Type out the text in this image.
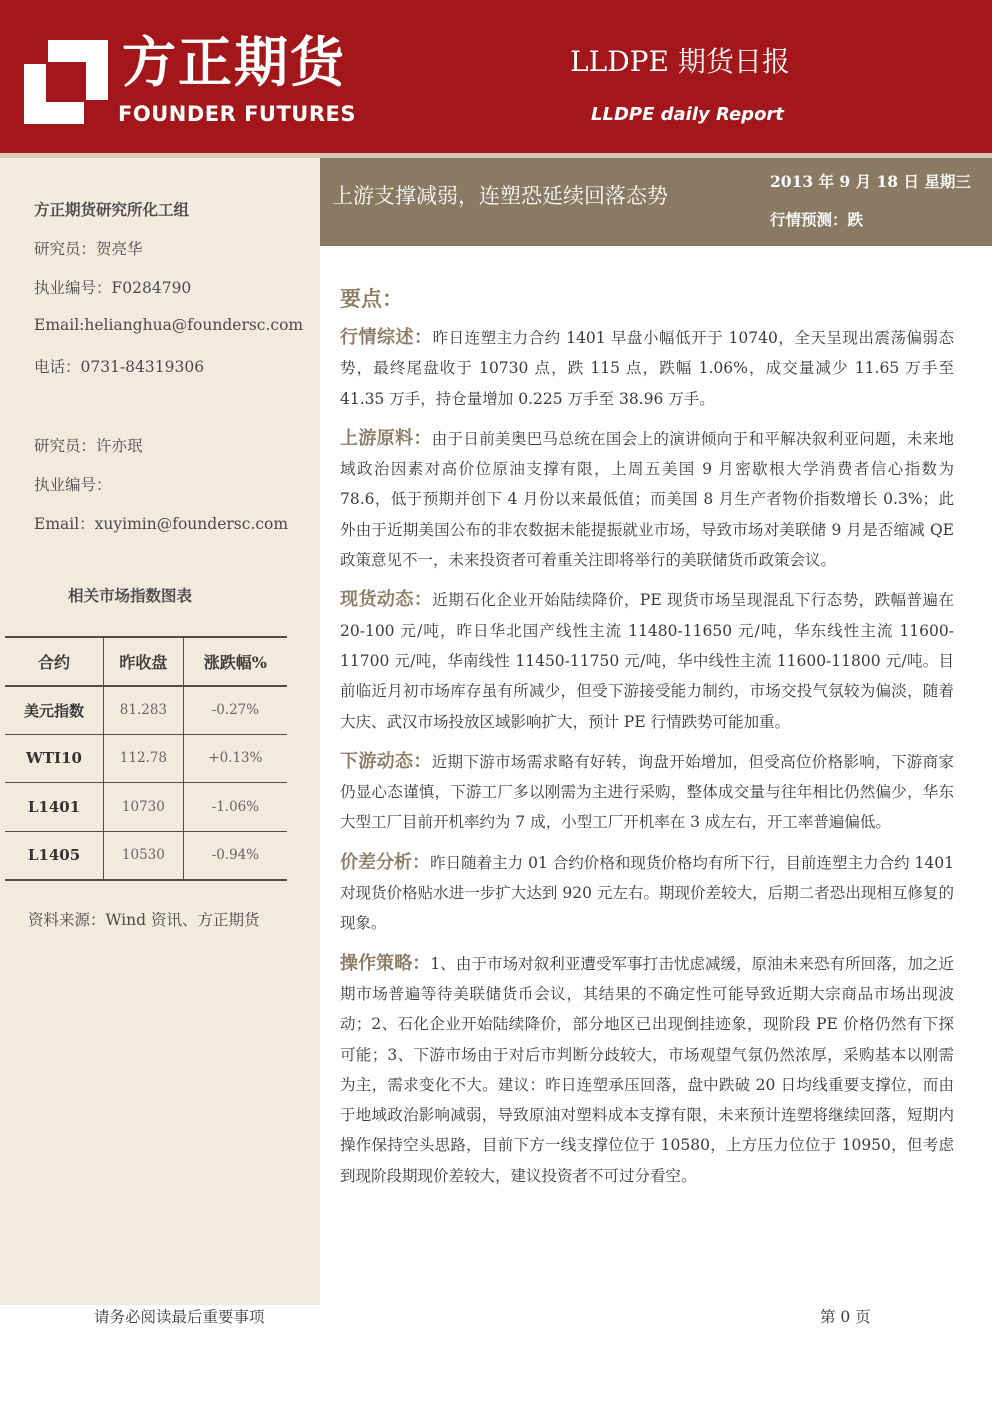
方正期货
FOUNDER FUTURES
LLDPE 期货日报
LLDPE daily Report
方正期货研究所化工组
研究员：贺亮华
执业编号：F0284790
Email:helianghua@foundersc.com
电话：0731-84319306
研究员：许亦珉
执业编号：
Email：xuyimin@foundersc.com
相关市场指数图表
合约	昨收盘	涨跌幅%
美元指数	81.283	-0.27%
WTI10	112.78	+0.13%
L1401	10730	-1.06%
L1405	10530	-0.94%
资料来源：Wind 资讯、方正期货
上游支撑减弱，连塑恐延续回落态势
2013 年 9 月 18 日 星期三
行情预测：跌
要点：

行情综述：昨日连塑主力合约 1401 早盘小幅低开于 10740，全天呈现出震荡偏弱态势，最终尾盘收于 10730 点，跌 115 点，跌幅 1.06%，成交量减少 11.65 万手至 41.35 万手，持仓量增加 0.225 万手至 38.96 万手。

上游原料：由于日前美奥巴马总统在国会上的演讲倾向于和平解决叙利亚问题，未来地域政治因素对高价位原油支撑有限，上周五美国 9 月密歇根大学消费者信心指数为 78.6，低于预期并创下 4 月份以来最低值；而美国 8 月生产者物价指数增长 0.3%；此外由于近期美国公布的非农数据未能提振就业市场，导致市场对美联储 9 月是否缩减 QE 政策意见不一，未来投资者可着重关注即将举行的美联储货币政策会议。

现货动态：近期石化企业开始陆续降价，PE 现货市场呈现混乱下行态势，跌幅普遍在 20-100 元/吨，昨日华北国产线性主流 11480-11650 元/吨，华东线性主流 11600-11700 元/吨，华南线性 11450-11750 元/吨，华中线性主流 11600-11800 元/吨。目前临近月初市场库存虽有所减少，但受下游接受能力制约，市场交投气氛较为偏淡，随着大庆、武汉市场投放区域影响扩大，预计 PE 行情跌势可能加重。

下游动态：近期下游市场需求略有好转，询盘开始增加，但受高位价格影响，下游商家仍显心态谨慎，下游工厂多以刚需为主进行采购，整体成交量与往年相比仍然偏少，华东大型工厂目前开机率约为 7 成，小型工厂开机率在 3 成左右，开工率普遍偏低。

价差分析：昨日随着主力 01 合约价格和现货价格均有所下行，目前连塑主力合约 1401 对现货价格贴水进一步扩大达到 920 元左右。期现价差较大，后期二者恐出现相互修复的现象。

操作策略：1、由于市场对叙利亚遭受军事打击忧虑减缓，原油未来恐有所回落，加之近期市场普遍等待美联储货币会议，其结果的不确定性可能导致近期大宗商品市场出现波动；2、石化企业开始陆续降价，部分地区已出现倒挂迹象，现阶段 PE 价格仍然有下探可能；3、下游市场由于对后市判断分歧较大，市场观望气氛仍然浓厚，采购基本以刚需为主，需求变化不大。建议：昨日连塑承压回落，盘中跌破 20 日均线重要支撑位，而由于地域政治影响减弱，导致原油对塑料成本支撑有限，未来预计连塑将继续回落，短期内操作保持空头思路，目前下方一线支撑位位于 10580，上方压力位位于 10950，但考虑到现阶段期现价差较大，建议投资者不可过分看空。

请务必阅读最后重要事项	第 0 页
